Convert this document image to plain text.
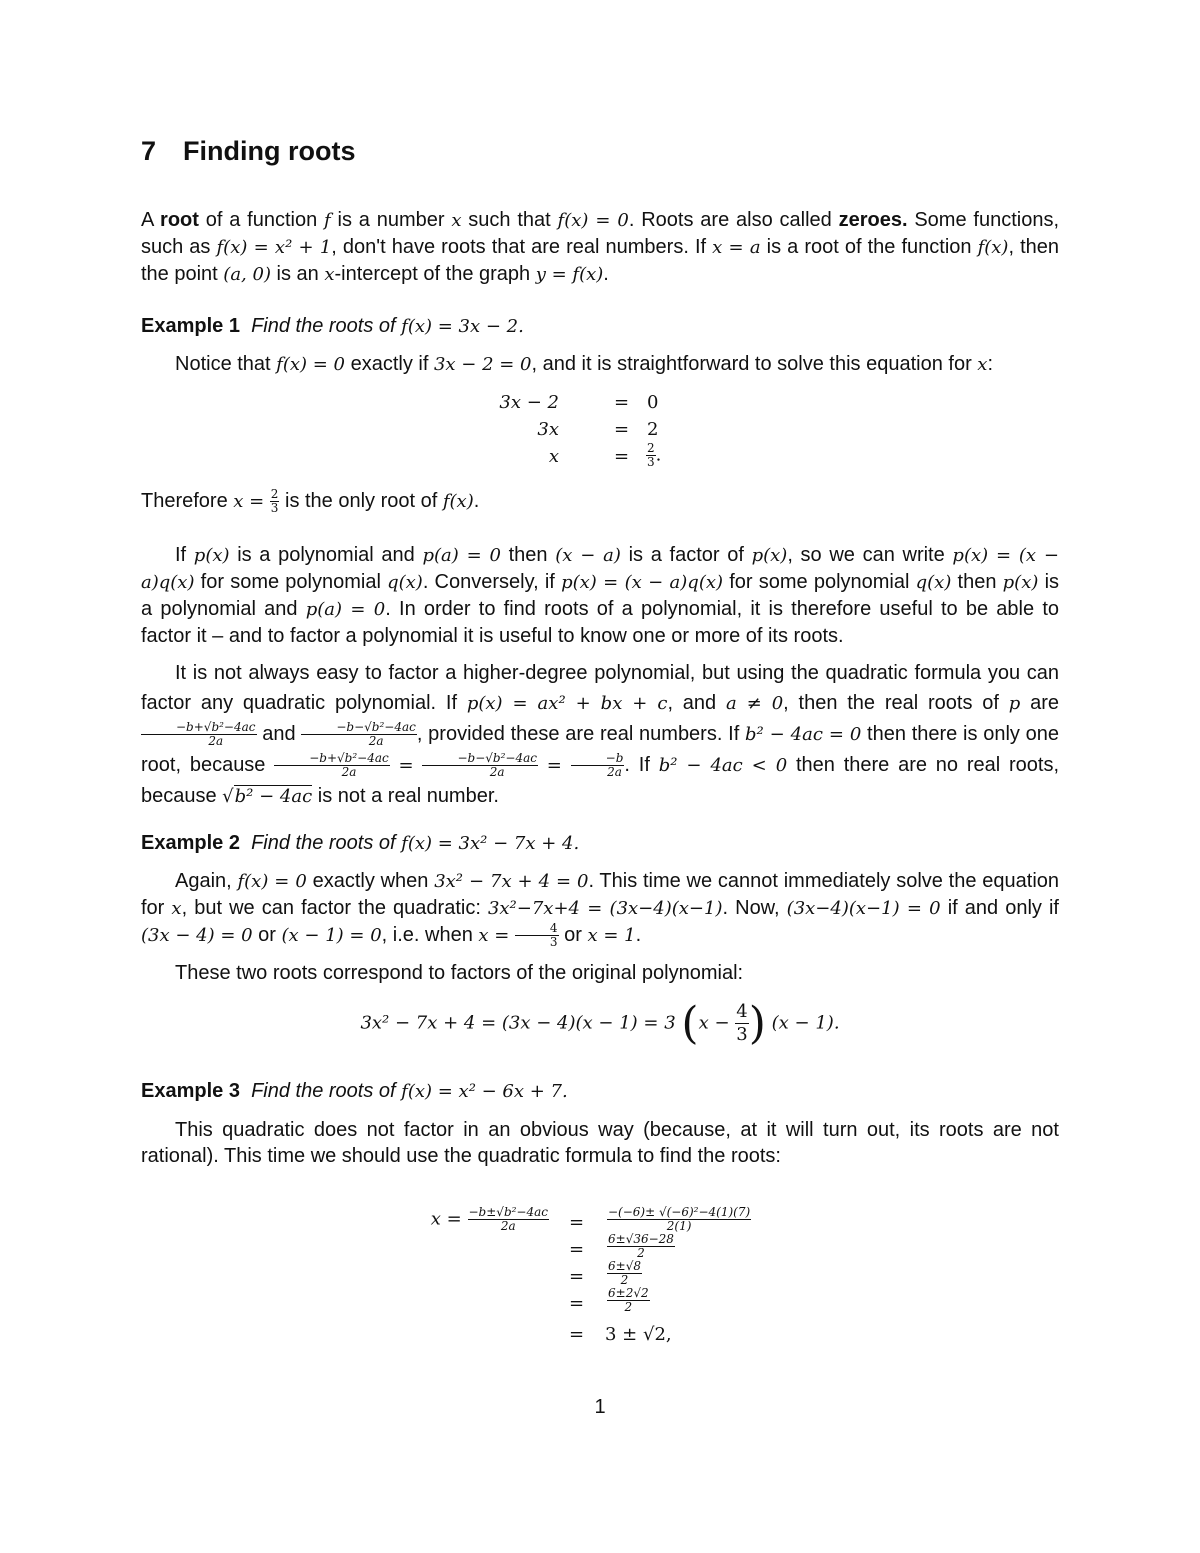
7 Finding roots

A root of a function f is a number x such that f(x) = 0. Roots are also called zeroes. Some functions, such as f(x) = x² + 1, don't have roots that are real numbers. If x = a is a root of the function f(x), then the point (a, 0) is an x-intercept of the graph y = f(x).

Example 1 Find the roots of f(x) = 3x − 2.

Notice that f(x) = 0 exactly if 3x − 2 = 0, and it is straightforward to solve this equation for x:

3x − 2	= 0
3x	= 2
x	= $\frac{2}{3}$ .

Therefore $x = \frac{2}{3}$ is the only root of f(x).

If p(x) is a polynomial and p(a) = 0 then (x − a) is a factor of p(x), so we can write p(x) = (x − a)q(x) for some polynomial q(x). Conversely, if p(x) = (x − a)q(x) for some polynomial q(x) then p(x) is a polynomial and p(a) = 0. In order to find roots of a polynomial, it is therefore useful to be able to factor it – and to factor a polynomial it is useful to know one or more of its roots.

It is not always easy to factor a higher-degree polynomial, but using the quadratic formula you can factor any quadratic polynomial. If p(x) = ax² + bx + c, and a ≠ 0, then the real roots of p are
$\frac{\text{−b+√b²−4ac}}{2a}$ and $\frac{\text{−b−√b²−4ac}}{2a}$ , provided these are real numbers. If b² − 4ac = 0 then there is only one root, because $\frac{\text{−b+√b²−4ac}}{2a} = \frac{\text{−b−√b²−4ac}}{2a} = \frac{-b}{2a}$ . If b² − 4ac < 0 then there are no real roots, because √b² − 4ac is not a real number.

Example 2 Find the roots of f(x) = 3x² − 7x + 4.

Again, f(x) = 0 exactly when 3x² − 7x + 4 = 0. This time we cannot immediately solve the equation for x, but we can factor the quadratic: 3x²−7x+4 = (3x−4)(x−1). Now, (3x−4)(x−1) = 0 if and only if (3x − 4) = 0 or (x − 1) = 0, i.e. when $x = \frac{4}{3}$ or x = 1.

These two roots correspond to factors of the original polynomial:

3x² − 7x + 4 = (3x − 4)(x − 1) = 3 ($x - \frac{4}{3}$ ) (x − 1).

Example 3 Find the roots of f(x) = x² − 6x + 7.

This quadratic does not factor in an obvious way (because, at it will turn out, its roots are not rational). This time we should use the quadratic formula to find the roots:

$x = \frac{\text{−b±√b²−4ac}}{2a} = \frac{\text{−(−6)± √(−6)²−4(1)(7)}}{2(1)}$
= $\frac{6\pm√36-28}{2}$
= $\frac{6\pm√8}{2}$
= $\frac{6\pm 2√2}{2}$
= 3 ± √2,
1
